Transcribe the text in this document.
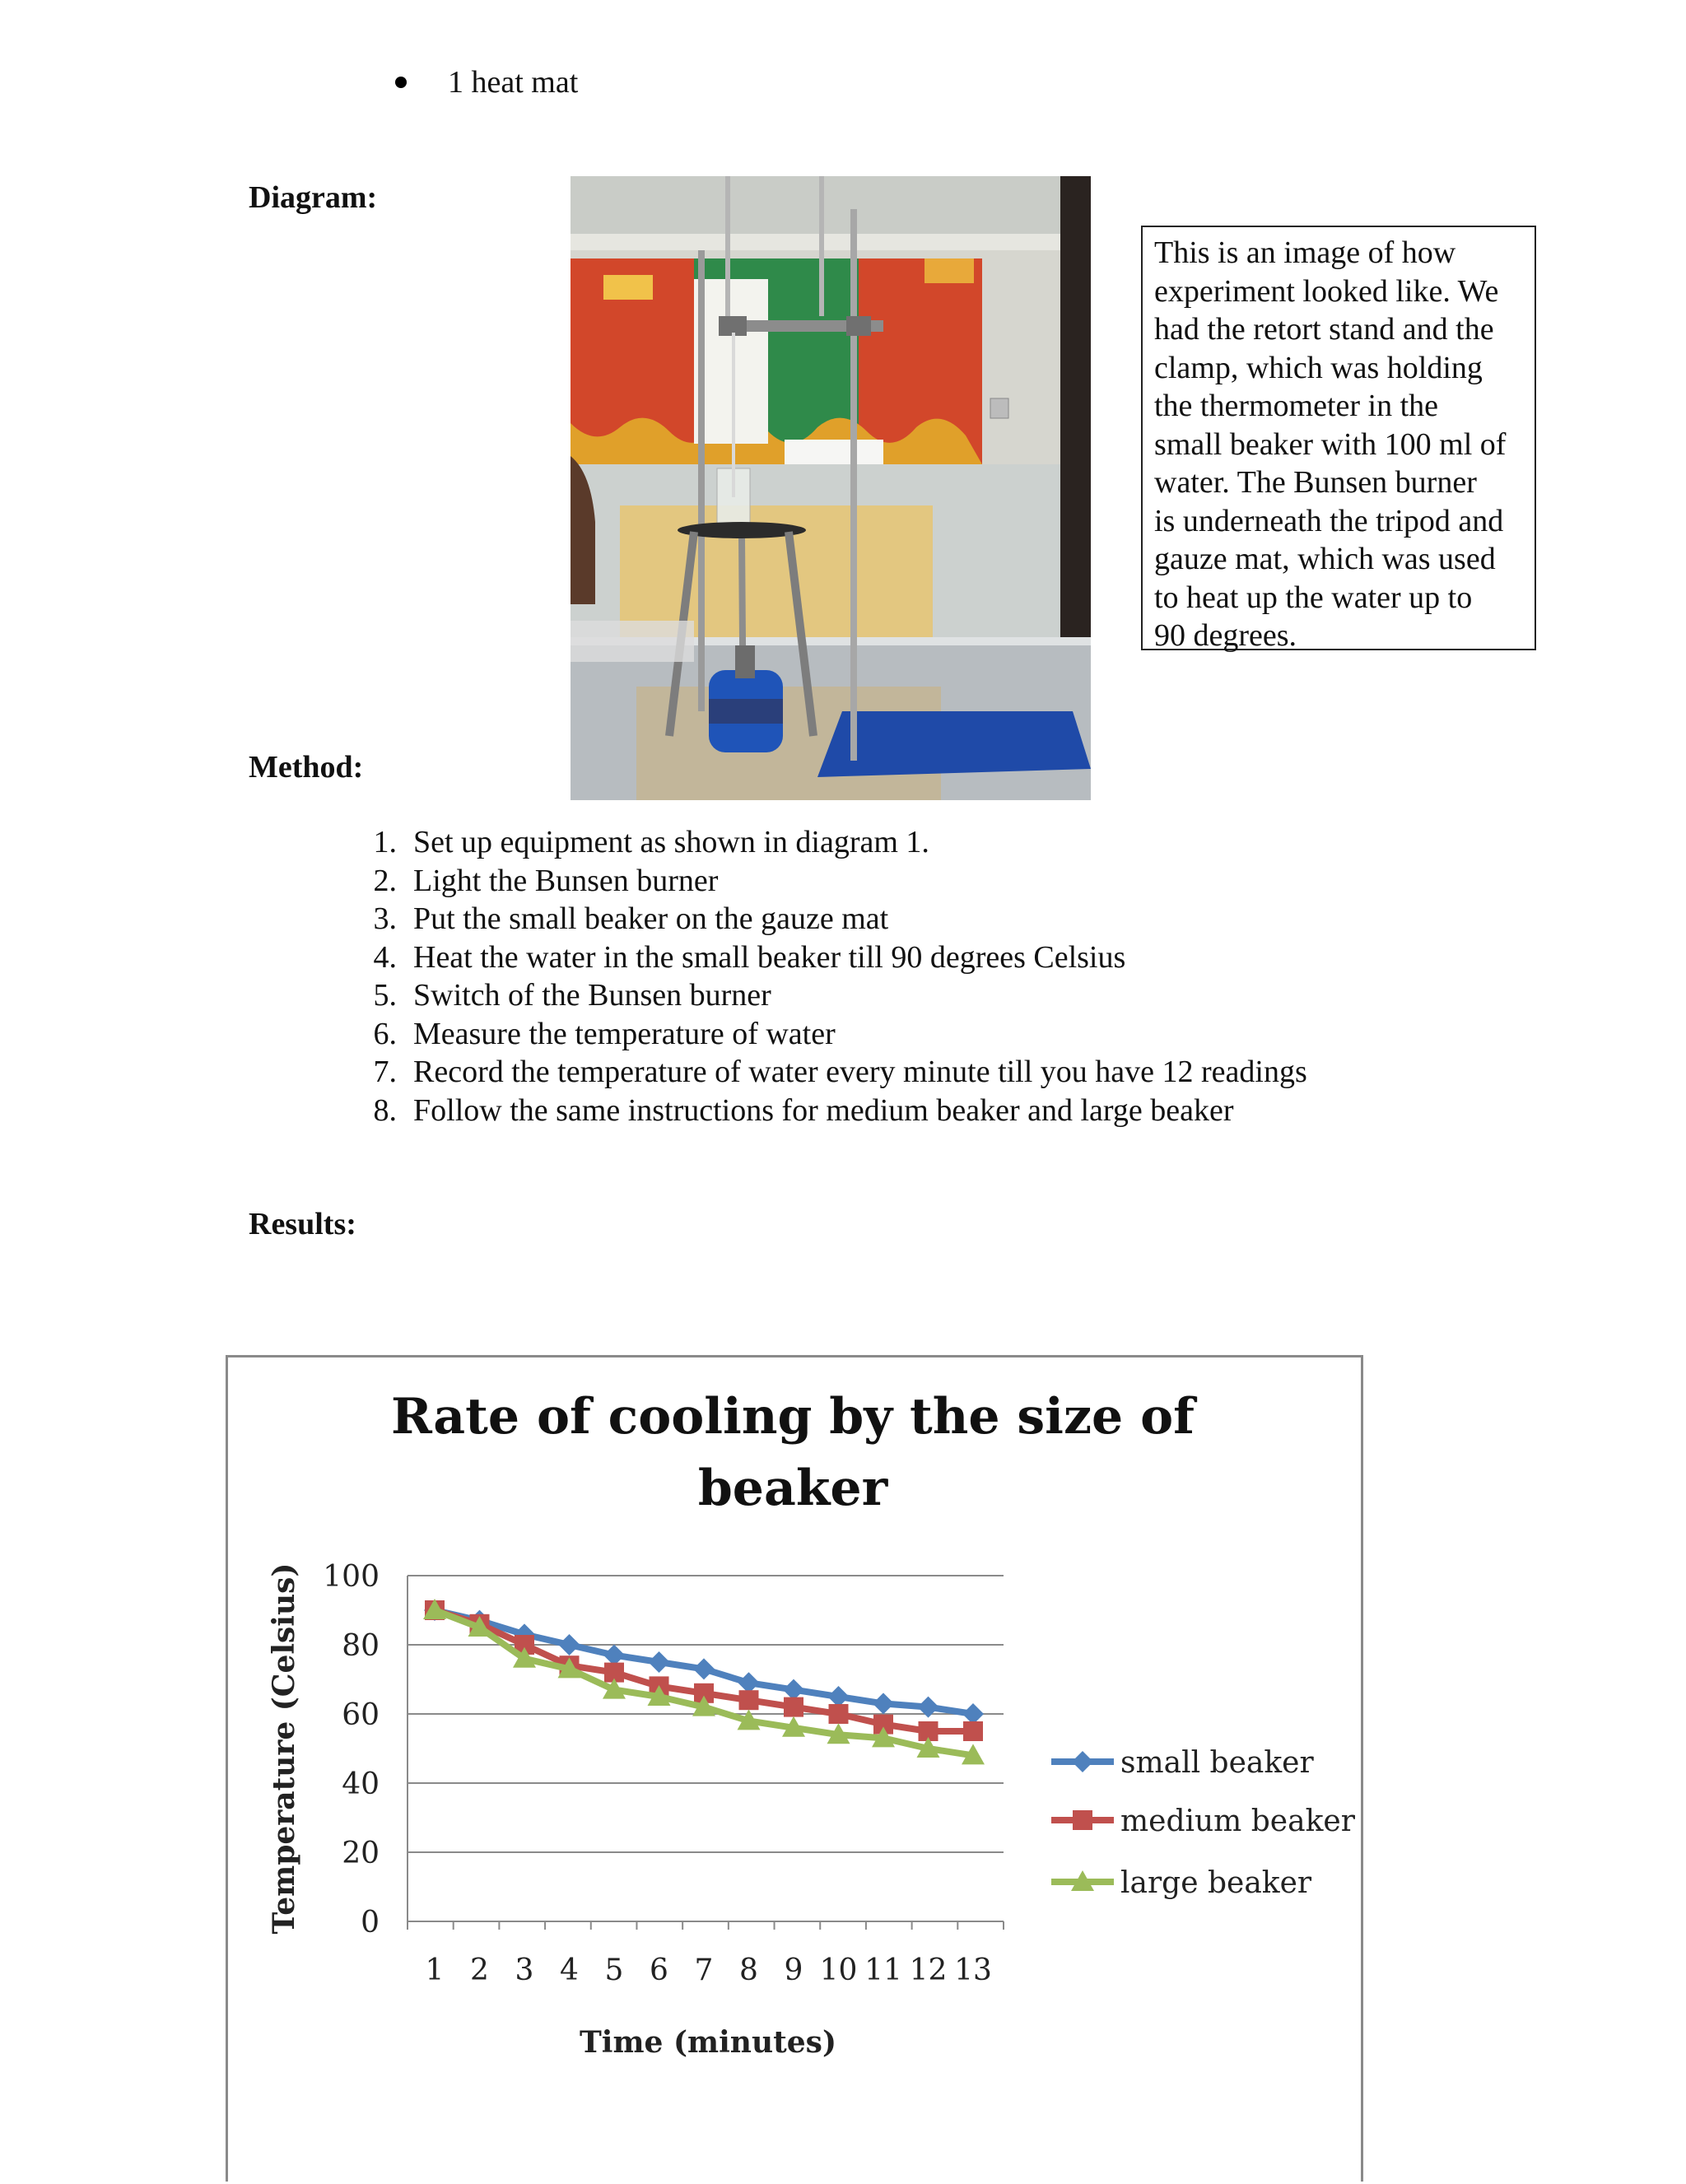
1 heat mat
Diagram:
This is an image of how
experiment looked like. We
had the retort stand and the
clamp, which was holding
the thermometer in the
small beaker with 100 ml of
water. The Bunsen burner
is underneath the tripod and
gauze mat, which was used
to heat up the water up to
90 degrees.
Method:
1. Set up equipment as shown in diagram 1.
2. Light the Bunsen burner
3. Put the small beaker on the gauze mat
4. Heat the water in the small beaker till 90 degrees Celsius
5. Switch of the Bunsen burner
6. Measure the temperature of water
7. Record the temperature of water every minute till you have 12 readings
8. Follow the same instructions for medium beaker and large beaker
Results:
Rate of cooling by the size of
beaker
0
20
40
60
80
100
1 2 3 4 5 6 7 8 9 10 11 12 13
Time (minutes)
Temperature (Celsius)	small beaker
medium beaker
large beaker
